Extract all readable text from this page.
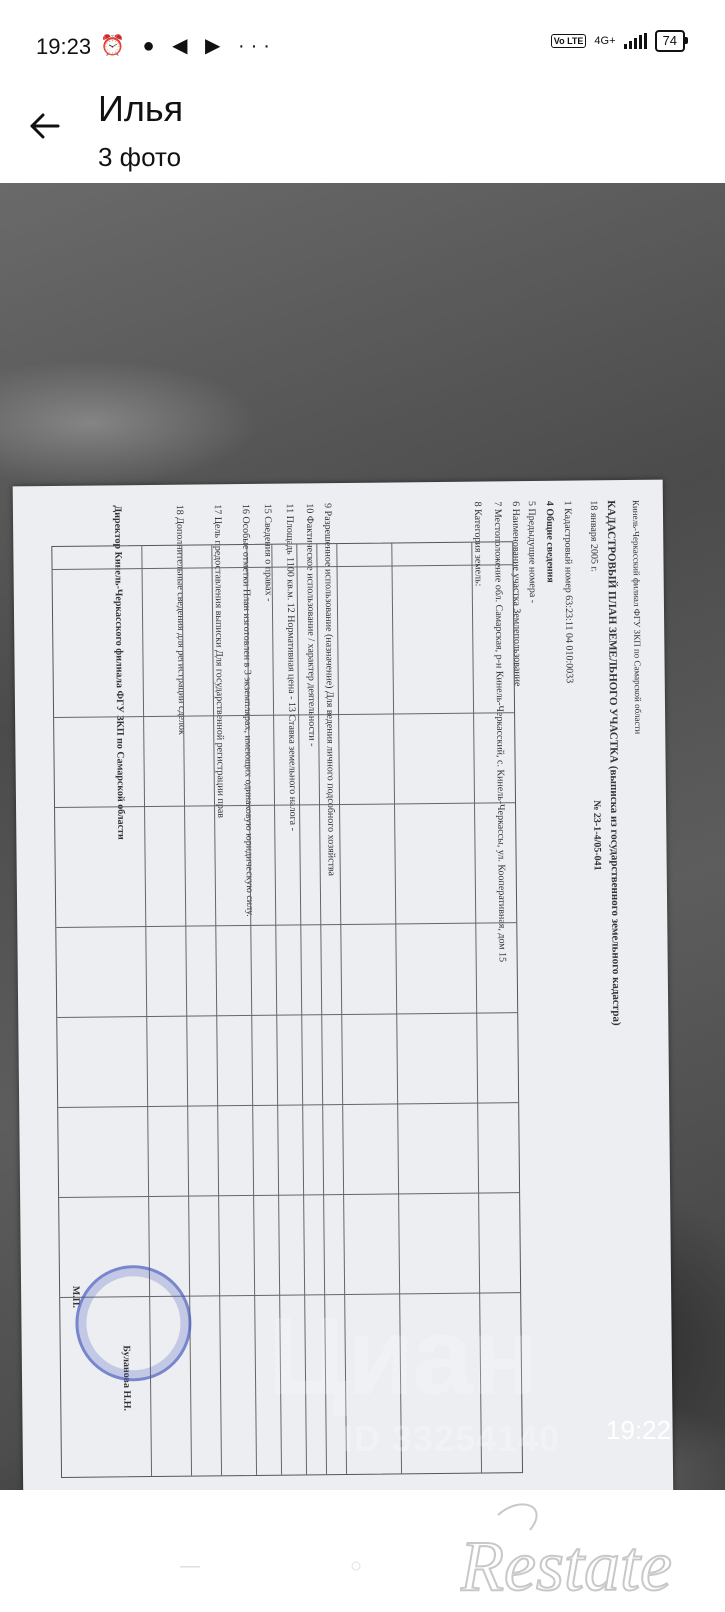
19:23 ⏰ ● ◀ ▶ ···	Vo LTE 4G+	74
Илья
3 фото
Кинель-Черкасский филиал ФГУ ЗКП по Самарской области
КАДАСТРОВЫЙ ПЛАН ЗЕМЕЛЬНОГО УЧАСТКА (выписка из государственного земельного кадастра)
18 января 2005 г.
№ 23-1-4/05-041
1 Кадастровый номер 63:23:11 04 010:0033
4 Общие сведения
5 Предыдущие номера -
6 Наименование участка Землепользование
7 Местоположение обл. Самарская, р-н Кинель-Черкасский, с. Кинель-Черкассы, ул. Кооперативная, дом 15
8 Категория земель:
9 Разрешенное использование (назначение) Для ведения личного подсобного хозяйства
10 Фактическое использование / характер деятельности -
11 Площадь 1100 кв.м. 12 Нормативная цена - 13 Ставка земельного налога -
15 Сведения о правах -
16 Особые отметки План изготовлен в 3 экземплярах, имеющих одинаковую юридическую силу.
17 Цель предоставления выписки Для государственной регистрации прав
18 Дополнительные сведения для регистрации сделок
Директор Кинель-Черкасского филиала ФГУ ЗКП по Самарской области
Буланова Н.Н.
М.П. Циан
ID 33254140 19:22
—	○ Restate
